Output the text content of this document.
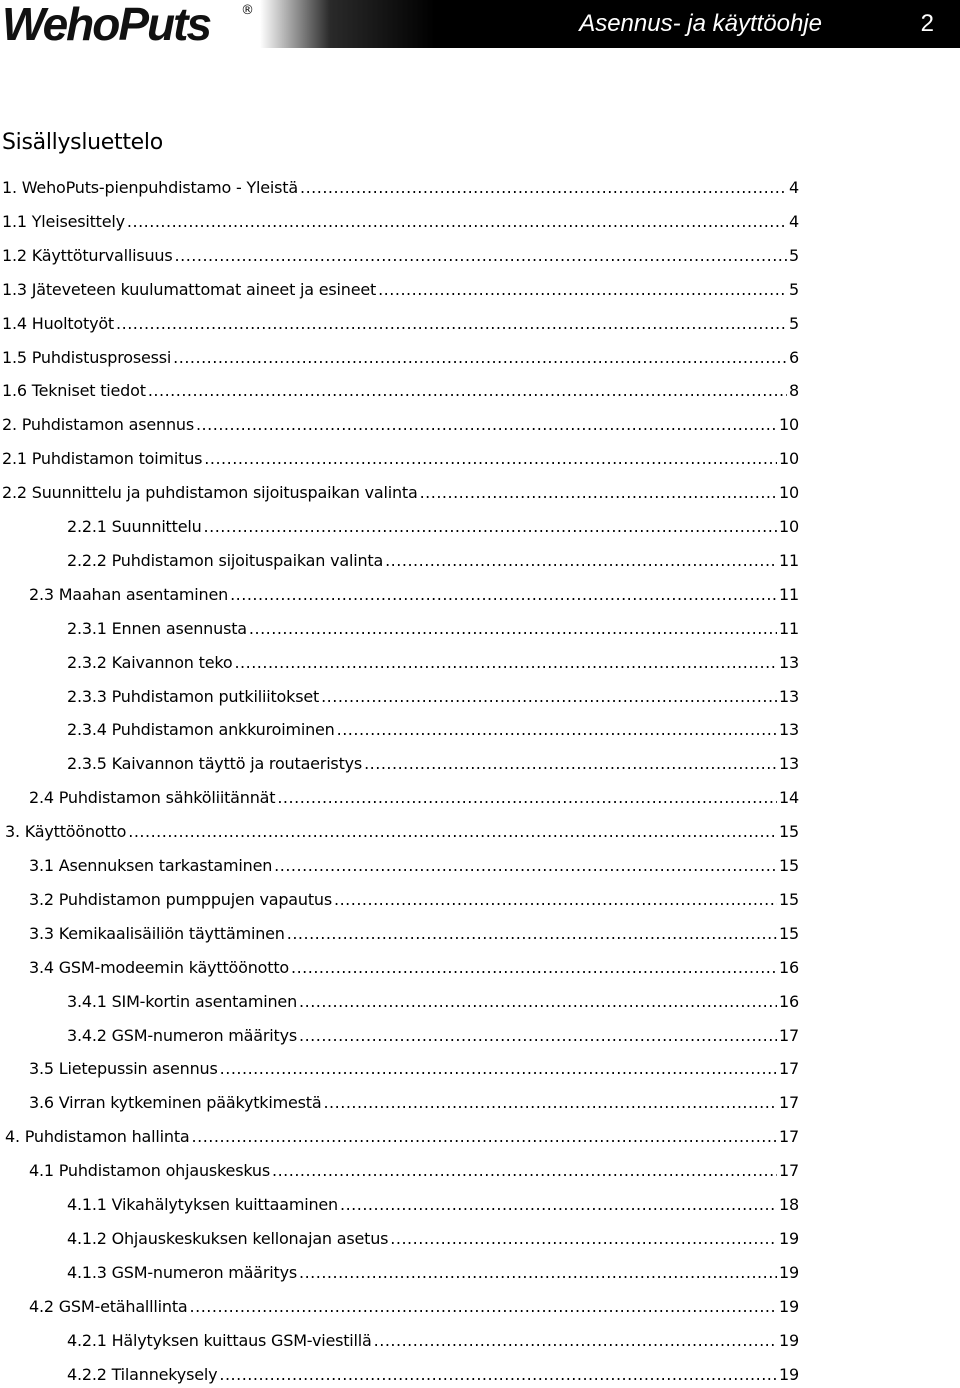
WehoPuts ®	Asennus- ja käyttöohje	2
Sisällysluettelo
1. WehoPuts-pienpuhdistamo - Yleistä .....	4
1.1 Yleisesittely .....	4
1.2 Käyttöturvallisuus .....	5
1.3 Jäteveteen kuulumattomat aineet ja esineet .....	5
1.4 Huoltotyöt .....	5
1.5 Puhdistusprosessi .....	6
1.6 Tekniset tiedot .....	8
2. Puhdistamon asennus .....	10
2.1 Puhdistamon toimitus .....	10
2.2 Suunnittelu ja puhdistamon sijoituspaikan valinta .....	10
2.2.1 Suunnittelu .....	10
2.2.2 Puhdistamon sijoituspaikan valinta .....	11
2.3 Maahan asentaminen .....	11
2.3.1 Ennen asennusta .....	11
2.3.2 Kaivannon teko .....	13
2.3.3 Puhdistamon putkiliitokset .....	13
2.3.4 Puhdistamon ankkuroiminen .....	13
2.3.5 Kaivannon täyttö ja routaeristys .....	13
2.4 Puhdistamon sähköliitännät .....	14
3. Käyttöönotto .....	15
3.1 Asennuksen tarkastaminen .....	15
3.2 Puhdistamon pumppujen vapautus .....	15
3.3 Kemikaalisäiliön täyttäminen .....	15
3.4 GSM-modeemin käyttöönotto .....	16
3.4.1 SIM-kortin asentaminen .....	16
3.4.2 GSM-numeron määritys .....	17
3.5 Lietepussin asennus .....	17
3.6 Virran kytkeminen pääkytkimestä .....	17
4. Puhdistamon hallinta .....	17
4.1 Puhdistamon ohjauskeskus .....	17
4.1.1 Vikahälytyksen kuittaaminen .....	18
4.1.2 Ohjauskeskuksen kellonajan asetus .....	19
4.1.3 GSM-numeron määritys .....	19
4.2 GSM-etähalllinta .....	19
4.2.1 Hälytyksen kuittaus GSM-viestillä .....	19
4.2.2 Tilannekysely .....	19
